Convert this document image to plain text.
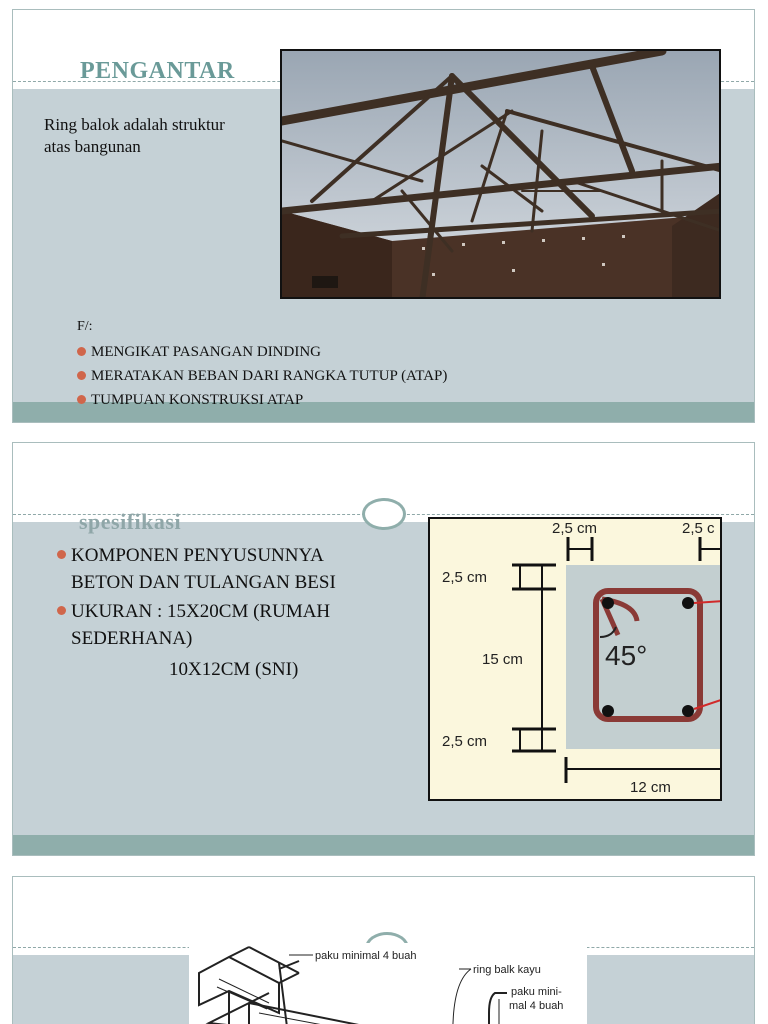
PENGANTAR
Ring balok adalah struktur
atas bangunan
F/:
MENGIKAT PASANGAN DINDING
MERATAKAN BEBAN DARI RANGKA TUTUP (ATAP)
TUMPUAN KONSTRUKSI ATAP
spesifikasi
KOMPONEN PENYUSUNNYA
BETON DAN TULANGAN BESI
UKURAN : 15X20CM (RUMAH
SEDERHANA)
10X12CM (SNI)
2,5 cm	2,5 c
2,5 cm
15 cm
2,5 cm
45°
12 cm
paku minimal 4 buah
ring balk kayu
paku mini-
mal 4 buah
